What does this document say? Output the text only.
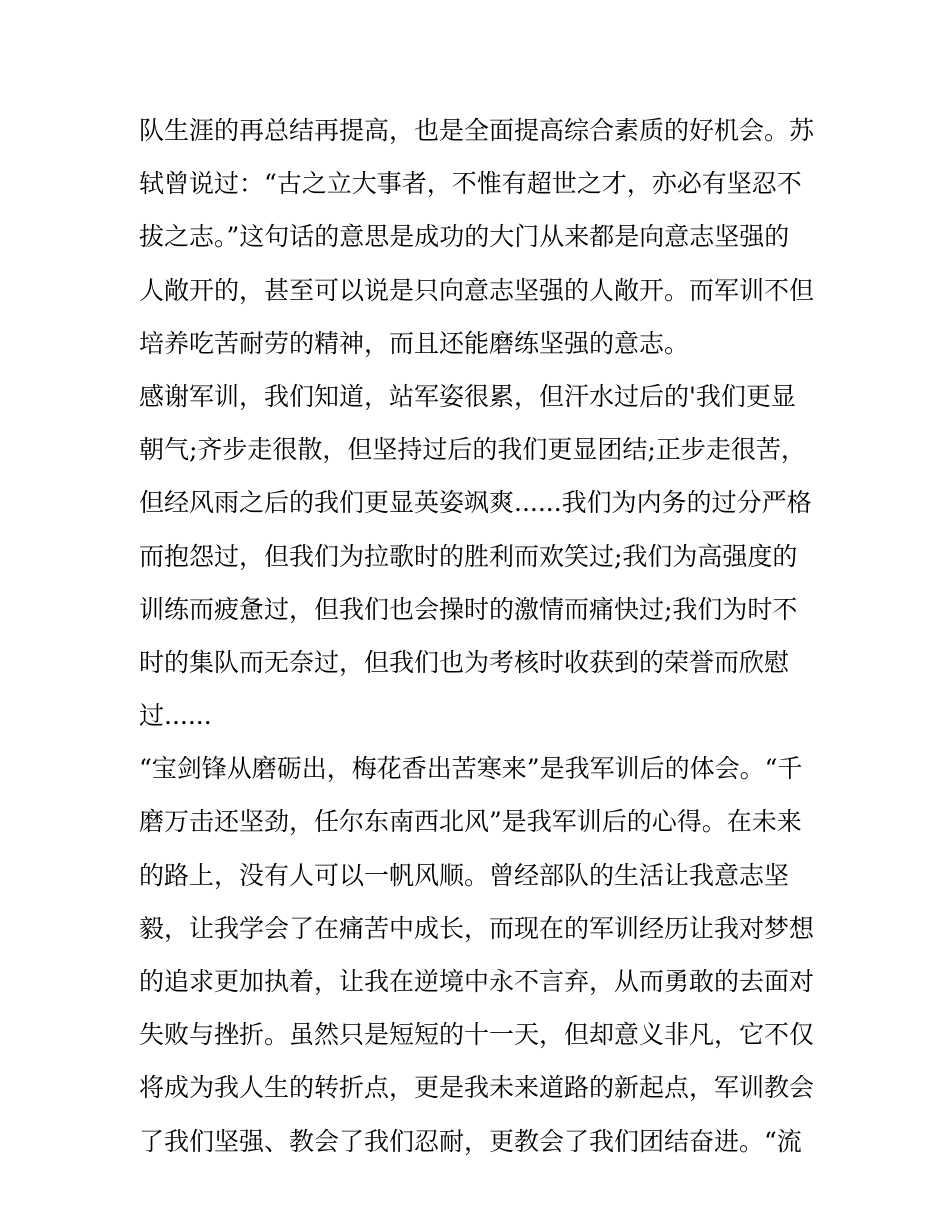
队生涯的再总结再提高，也是全面提高综合素质的好机会。苏
轼曾说过：“古之立大事者，不惟有超世之才，亦必有坚忍不
拔之志。”这句话的意思是成功的大门从来都是向意志坚强的
人敞开的，甚至可以说是只向意志坚强的人敞开。而军训不但
培养吃苦耐劳的精神，而且还能磨练坚强的意志。
感谢军训，我们知道，站军姿很累，但汗水过后的'我们更显
朝气;齐步走很散，但坚持过后的我们更显团结;正步走很苦，
但经风雨之后的我们更显英姿飒爽......我们为内务的过分严格
而抱怨过，但我们为拉歌时的胜利而欢笑过;我们为高强度的
训练而疲惫过，但我们也会操时的激情而痛快过;我们为时不
时的集队而无奈过，但我们也为考核时收获到的荣誉而欣慰
过......
“宝剑锋从磨砺出，梅花香出苦寒来”是我军训后的体会。“千
磨万击还坚劲，任尔东南西北风”是我军训后的心得。在未来
的路上，没有人可以一帆风顺。曾经部队的生活让我意志坚
毅，让我学会了在痛苦中成长，而现在的军训经历让我对梦想
的追求更加执着，让我在逆境中永不言弃，从而勇敢的去面对
失败与挫折。虽然只是短短的十一天，但却意义非凡，它不仅
将成为我人生的转折点，更是我未来道路的新起点，军训教会
了我们坚强、教会了我们忍耐，更教会了我们团结奋进。“流
